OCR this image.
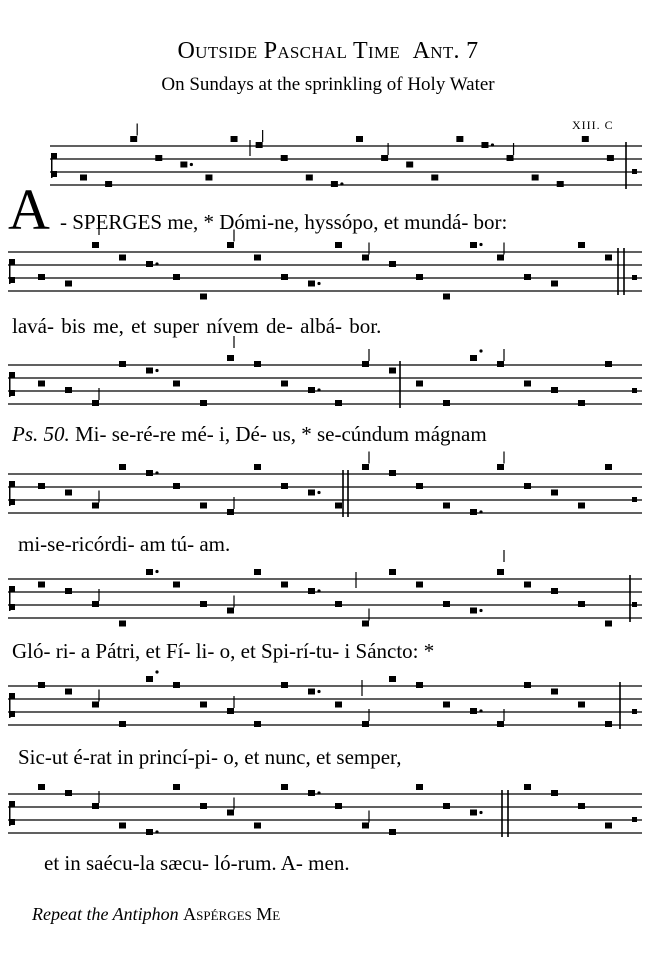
Outside Paschal Time Ant. 7
On Sundays at the sprinkling of Holy Water
XIII. C
A - SPERGES me, * Dómi-ne, hyssópo, et mundá- bor:
lavá- bis me, et super nívem de- albá- bor.
Ps. 50. Mi- se-ré-re mé- i, Dé- us, * se-cúndum mágnam
mi-se-ricórdi- am tú- am.
Gló- ri- a Pátri, et Fí- li- o, et Spi-rí-tu- i Sáncto: *
Sic-ut é-rat in princí-pi- o, et nunc, et semper,
et in saécu-la sæcu- ló-rum. A- men.
Repeat the Antiphon Aspérges Me
